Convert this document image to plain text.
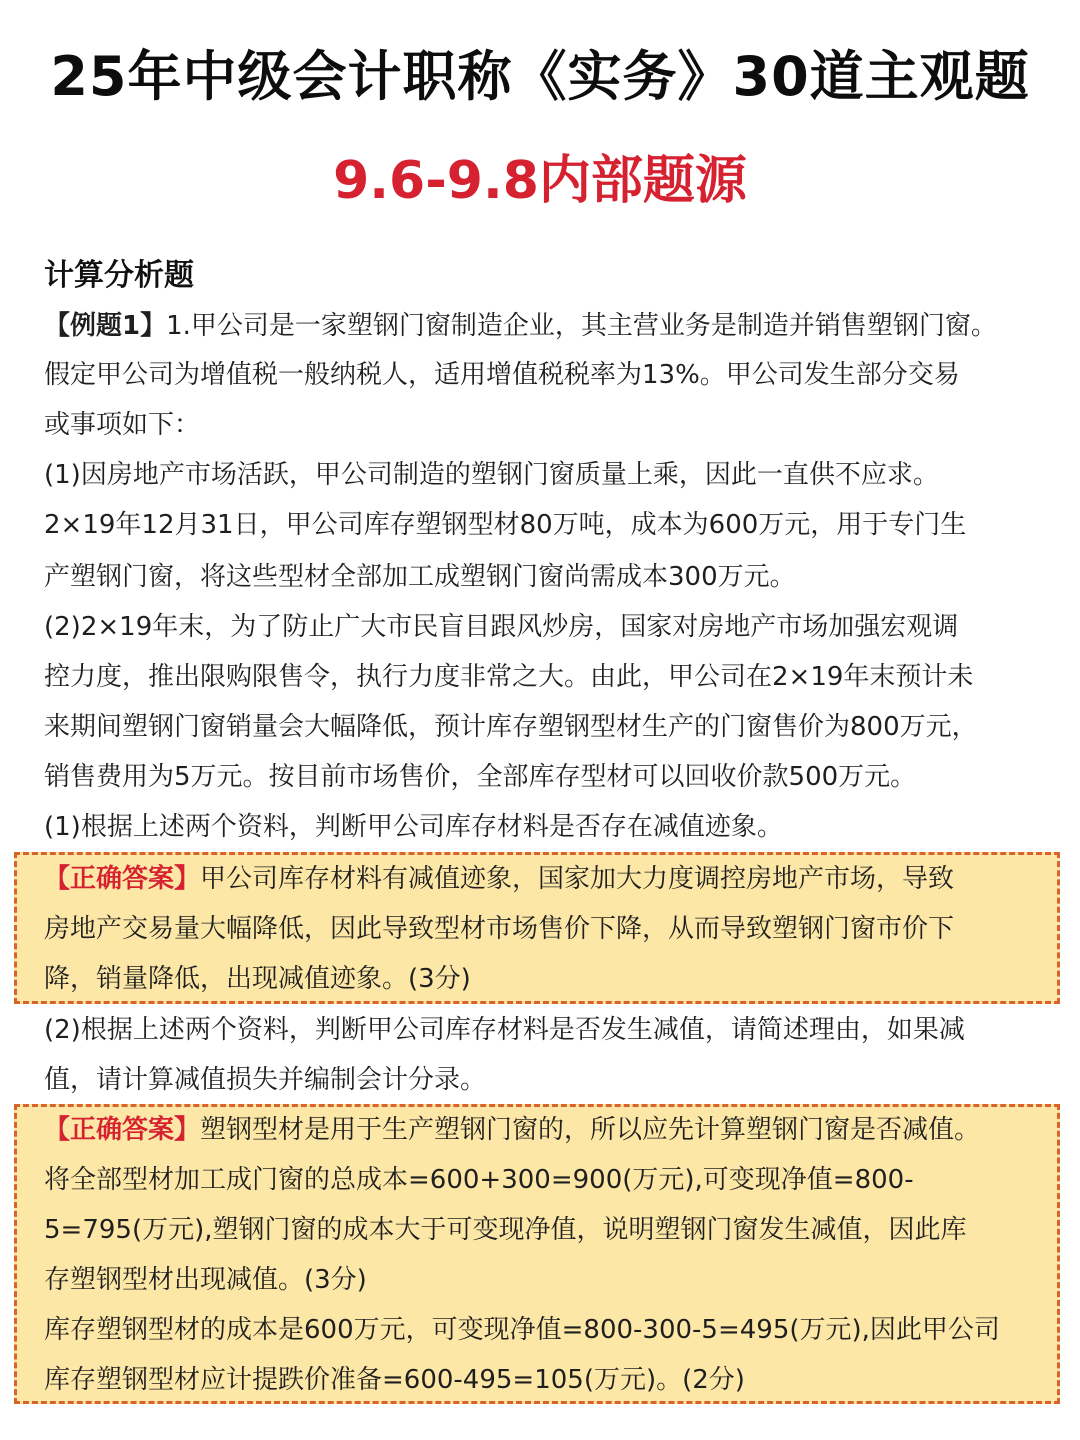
25年中级会计职称《实务》30道主观题
9.6-9.8内部题源
计算分析题
【例题1】1.甲公司是一家塑钢门窗制造企业，其主营业务是制造并销售塑钢门窗。
假定甲公司为增值税一般纳税人，适用增值税税率为13%。甲公司发生部分交易
或事项如下：
(1)因房地产市场活跃，甲公司制造的塑钢门窗质量上乘，因此一直供不应求。
2×19年12月31日，甲公司库存塑钢型材80万吨，成本为600万元，用于专门生
产塑钢门窗，将这些型材全部加工成塑钢门窗尚需成本300万元。
(2)2×19年末，为了防止广大市民盲目跟风炒房，国家对房地产市场加强宏观调
控力度，推出限购限售令，执行力度非常之大。由此，甲公司在2×19年末预计未
来期间塑钢门窗销量会大幅降低，预计库存塑钢型材生产的门窗售价为800万元，
销售费用为5万元。按目前市场售价，全部库存型材可以回收价款500万元。
(1)根据上述两个资料，判断甲公司库存材料是否存在减值迹象。
【正确答案】甲公司库存材料有减值迹象，国家加大力度调控房地产市场，导致
房地产交易量大幅降低，因此导致型材市场售价下降，从而导致塑钢门窗市价下
降，销量降低，出现减值迹象。(3分)
(2)根据上述两个资料，判断甲公司库存材料是否发生减值，请简述理由，如果减
值，请计算减值损失并编制会计分录。
【正确答案】塑钢型材是用于生产塑钢门窗的，所以应先计算塑钢门窗是否减值。
将全部型材加工成门窗的总成本=600+300=900(万元),可变现净值=800-
5=795(万元),塑钢门窗的成本大于可变现净值，说明塑钢门窗发生减值，因此库
存塑钢型材出现减值。(3分)
库存塑钢型材的成本是600万元，可变现净值=800-300-5=495(万元),因此甲公司
库存塑钢型材应计提跌价准备=600-495=105(万元)。(2分)
